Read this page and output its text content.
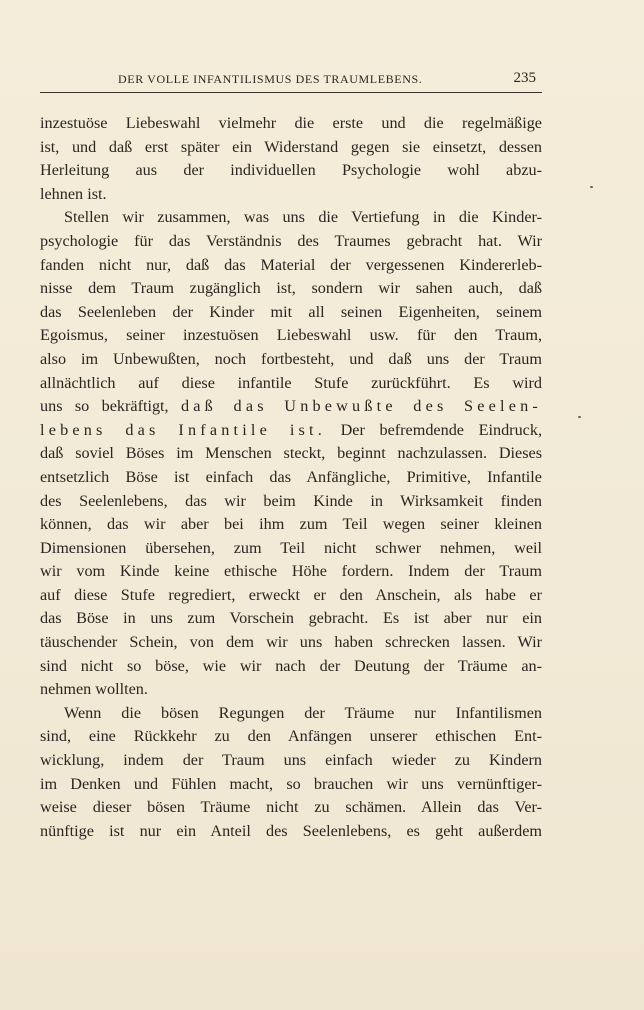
DER VOLLE INFANTILISMUS DES TRAUMLEBENS.	235
inzestuöse Liebeswahl vielmehr die erste und die regelmäßige
ist, und daß erst später ein Widerstand gegen sie einsetzt, dessen
Herleitung aus der individuellen Psychologie wohl abzu-
lehnen ist.
Stellen wir zusammen, was uns die Vertiefung in die Kinder-
psychologie für das Verständnis des Traumes gebracht hat. Wir
fanden nicht nur, daß das Material der vergessenen Kindererleb-
nisse dem Traum zugänglich ist, sondern wir sahen auch, daß
das Seelenleben der Kinder mit all seinen Eigenheiten, seinem
Egoismus, seiner inzestuösen Liebeswahl usw. für den Traum,
also im Unbewußten, noch fortbesteht, und daß uns der Traum
allnächtlich auf diese infantile Stufe zurückführt. Es wird
uns so bekräftigt, daß das Unbewußte des Seelen-
lebens das Infantile ist. Der befremdende Eindruck,
daß soviel Böses im Menschen steckt, beginnt nachzulassen. Dieses
entsetzlich Böse ist einfach das Anfängliche, Primitive, Infantile
des Seelenlebens, das wir beim Kinde in Wirksamkeit finden
können, das wir aber bei ihm zum Teil wegen seiner kleinen
Dimensionen übersehen, zum Teil nicht schwer nehmen, weil
wir vom Kinde keine ethische Höhe fordern. Indem der Traum
auf diese Stufe regrediert, erweckt er den Anschein, als habe er
das Böse in uns zum Vorschein gebracht. Es ist aber nur ein
täuschender Schein, von dem wir uns haben schrecken lassen. Wir
sind nicht so böse, wie wir nach der Deutung der Träume an-
nehmen wollten.
Wenn die bösen Regungen der Träume nur Infantilismen
sind, eine Rückkehr zu den Anfängen unserer ethischen Ent-
wicklung, indem der Traum uns einfach wieder zu Kindern
im Denken und Fühlen macht, so brauchen wir uns vernünftiger-
weise dieser bösen Träume nicht zu schämen. Allein das Ver-
nünftige ist nur ein Anteil des Seelenlebens, es geht außerdem
